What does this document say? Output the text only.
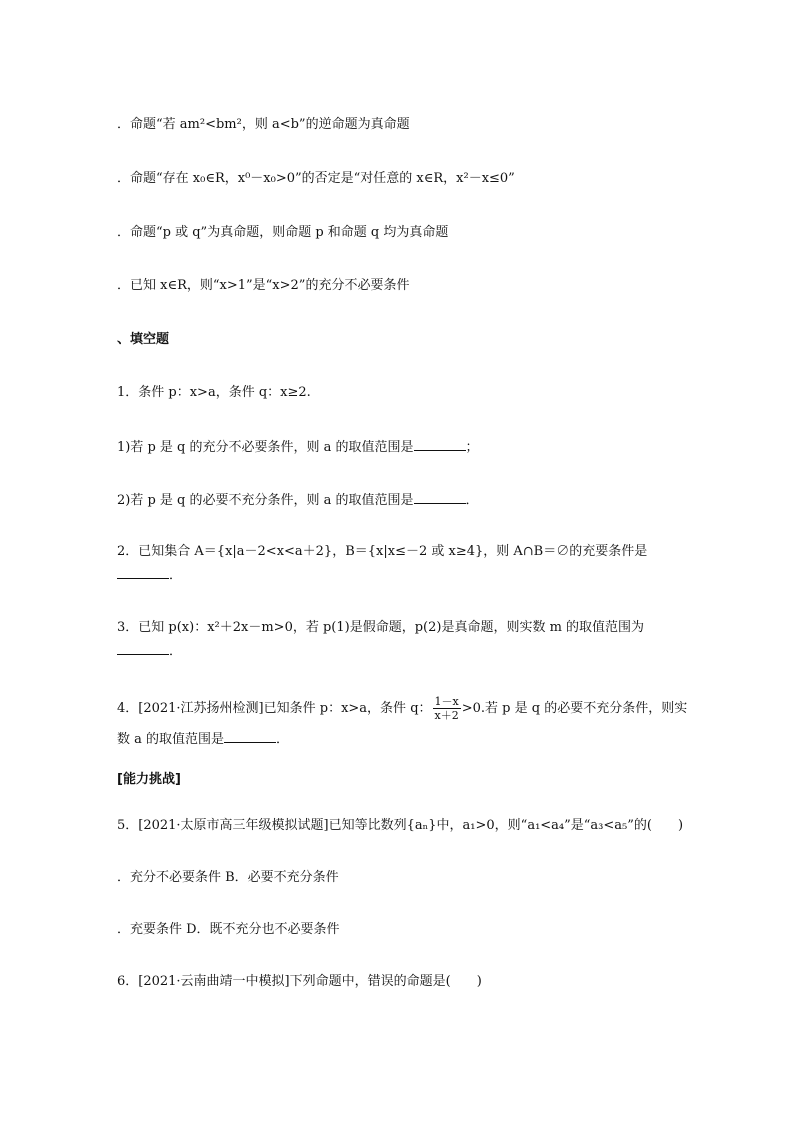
．命题“若 am²<bm²，则 a<b”的逆命题为真命题
．命题“存在 x₀∈R，x⁰－x₀>0”的否定是“对任意的 x∈R，x²－x≤0”
．命题“p 或 q”为真命题，则命题 p 和命题 q 均为真命题
．已知 x∈R，则“x>1”是“x>2”的充分不必要条件
、填空题
1．条件 p：x>a，条件 q：x≥2.
1)若 p 是 q 的充分不必要条件，则 a 的取值范围是	；
2)若 p 是 q 的必要不充分条件，则 a 的取值范围是	．
2．已知集合 A＝{x|a－2<x<a＋2}，B＝{x|x≤－2 或 x≥4}，则 A∩B＝∅的充要条件是
．
3．已知 p(x)：x²＋2x－m>0，若 p(1)是假命题，p(2)是真命题，则实数 m 的取值范围为
．
4．[2021·江苏扬州检测]已知条件 p：x>a，条件 q： $\frac{1-x}{x+2} >0$.若 p 是 q 的必要不充分条件，则实
数 a 的取值范围是	．
[能力挑战]
5．[2021·太原市高三年级模拟试题]已知等比数列{aₙ}中，a₁>0，则“a₁<a₄”是“a₃<a₅”的(　　)
．充分不必要条件 B．必要不充分条件
．充要条件 D．既不充分也不必要条件
6．[2021·云南曲靖一中模拟]下列命题中，错误的命题是(　　)
